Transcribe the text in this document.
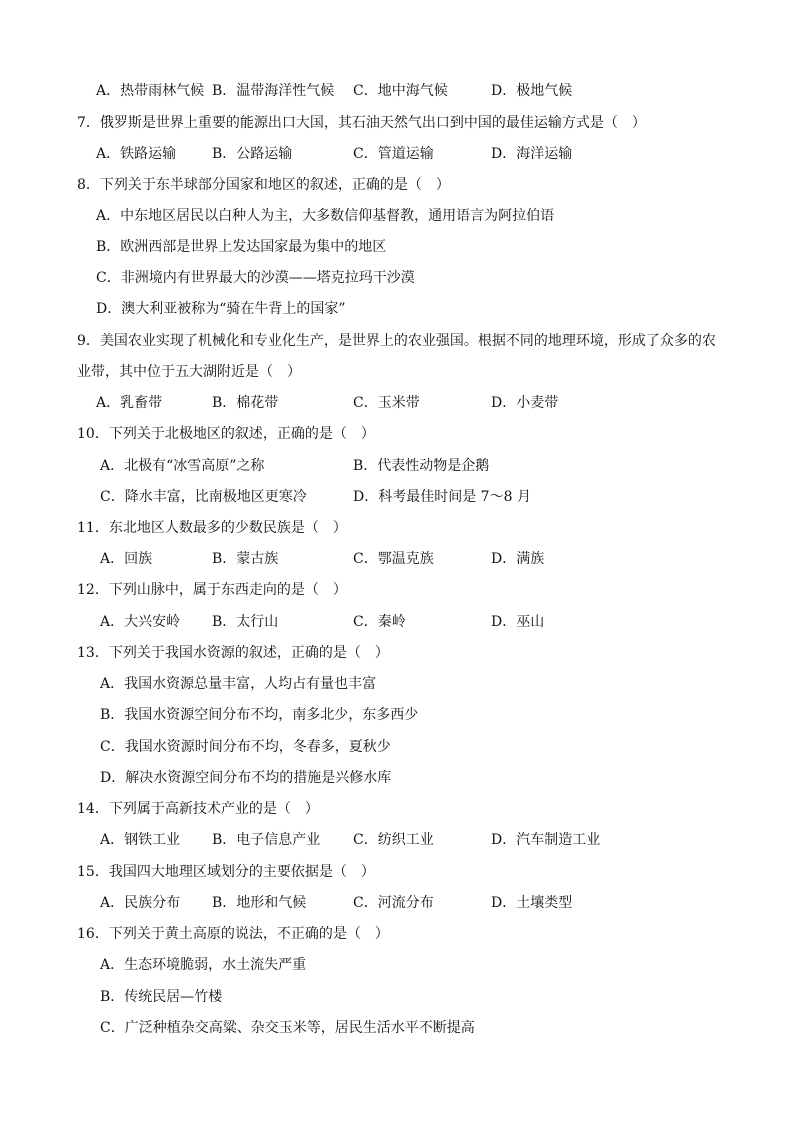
A．热带雨林气候 B．温带海洋性气候 C．地中海气候	D．极地气候
7．俄罗斯是世界上重要的能源出口大国，其石油天然气出口到中国的最佳运输方式是（　）
A．铁路运输	B．公路运输	C．管道运输	D．海洋运输
8．下列关于东半球部分国家和地区的叙述，正确的是（　）
A．中东地区居民以白种人为主，大多数信仰基督教，通用语言为阿拉伯语
B．欧洲西部是世界上发达国家最为集中的地区
C．非洲境内有世界最大的沙漠——塔克拉玛干沙漠
D．澳大利亚被称为“骑在牛背上的国家”
9．美国农业实现了机械化和专业化生产，是世界上的农业强国。根据不同的地理环境，形成了众多的农
业带，其中位于五大湖附近是（　）
A．乳畜带	B．棉花带	C．玉米带	D．小麦带
10．下列关于北极地区的叙述，正确的是（　）
A．北极有“冰雪高原”之称	B．代表性动物是企鹅
C．降水丰富，比南极地区更寒冷	D．科考最佳时间是 7～8 月
11．东北地区人数最多的少数民族是（　）
A．回族	B．蒙古族	C．鄂温克族	D．满族
12．下列山脉中，属于东西走向的是（　）
A．大兴安岭 B．太行山	C．秦岭	D．巫山
13．下列关于我国水资源的叙述，正确的是（　）
A．我国水资源总量丰富，人均占有量也丰富
B．我国水资源空间分布不均，南多北少，东多西少
C．我国水资源时间分布不均，冬春多，夏秋少
D．解决水资源空间分布不均的措施是兴修水库
14．下列属于高新技术产业的是（　）
A．钢铁工业 B．电子信息产业 C．纺织工业	D．汽车制造工业
15．我国四大地理区域划分的主要依据是（　）
A．民族分布 B．地形和气候	C．河流分布	D．土壤类型
16．下列关于黄土高原的说法，不正确的是（　）
A．生态环境脆弱，水土流失严重
B．传统民居—竹楼
C．广泛种植杂交高粱、杂交玉米等，居民生活水平不断提高
